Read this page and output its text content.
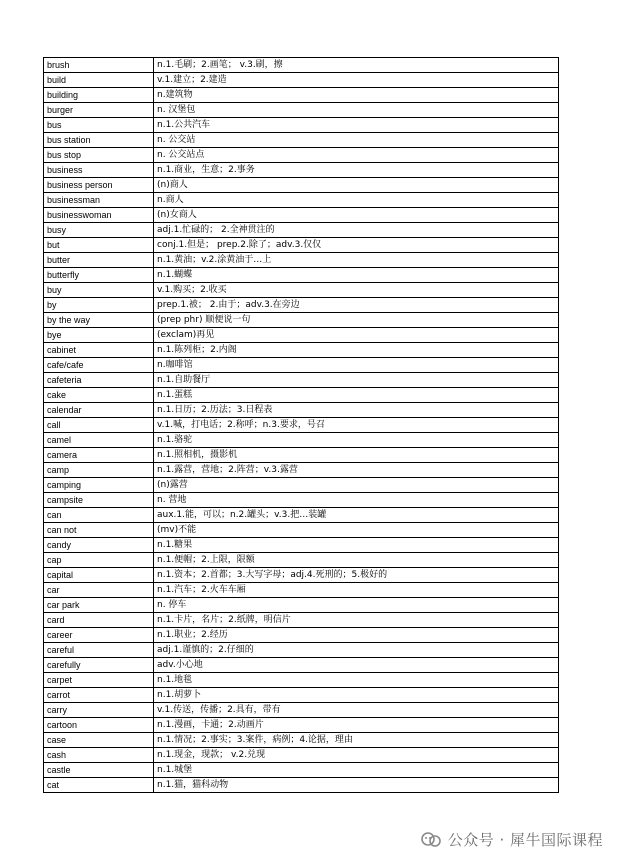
brush	n.1.毛刷；2.画笔； v.3.刷，擦
build	v.1.建立；2.建造
building	n.建筑物
burger	n. 汉堡包
bus	n.1.公共汽车
bus station	n. 公交站
bus stop	n. 公交站点
business	n.1.商业，生意；2.事务
business person	(n)商人
businessman	n.商人
businesswoman	(n)女商人
busy	adj.1.忙碌的； 2.全神贯注的
but	conj.1.但是； prep.2.除了；adv.3.仅仅
butter	n.1.黄油；v.2.涂黄油于…上
butterfly	n.1.蝴蝶
buy	v.1.购买；2.收买
by	prep.1.被； 2.由于；adv.3.在旁边
by the way	(prep phr) 顺便说一句
bye	(exclam)再见
cabinet	n.1.陈列柜；2.内阁
cafe/cafe	n.咖啡馆
cafeteria	n.1.自助餐厅
cake	n.1.蛋糕
calendar	n.1.日历；2.历法；3.日程表
call	v.1.喊，打电话；2.称呼；n.3.要求，号召
camel	n.1.骆驼
camera	n.1.照相机，摄影机
camp	n.1.露营，营地；2.阵营；v.3.露营
camping	(n)露营
campsite	n. 营地
can	aux.1.能，可以；n.2.罐头；v.3.把…装罐
can not	(mv)不能
candy	n.1.糖果
cap	n.1.便帽；2.上限，限额
capital	n.1.资本；2.首都；3.大写字母；adj.4.死刑的；5.极好的
car	n.1.汽车；2.火车车厢
car park	n. 停车
card	n.1.卡片，名片；2.纸牌，明信片
career	n.1.职业；2.经历
careful	adj.1.谨慎的；2.仔细的
carefully	adv.小心地
carpet	n.1.地毯
carrot	n.1.胡萝卜
carry	v.1.传送，传播；2.具有，带有
cartoon	n.1.漫画，卡通；2.动画片
case	n.1.情况；2.事实；3.案件，病例；4.论据，理由
cash	n.1.现金，现款； v.2.兑现
castle	n.1.城堡
cat	n.1.猫，猫科动物
公众号 · 犀牛国际课程
